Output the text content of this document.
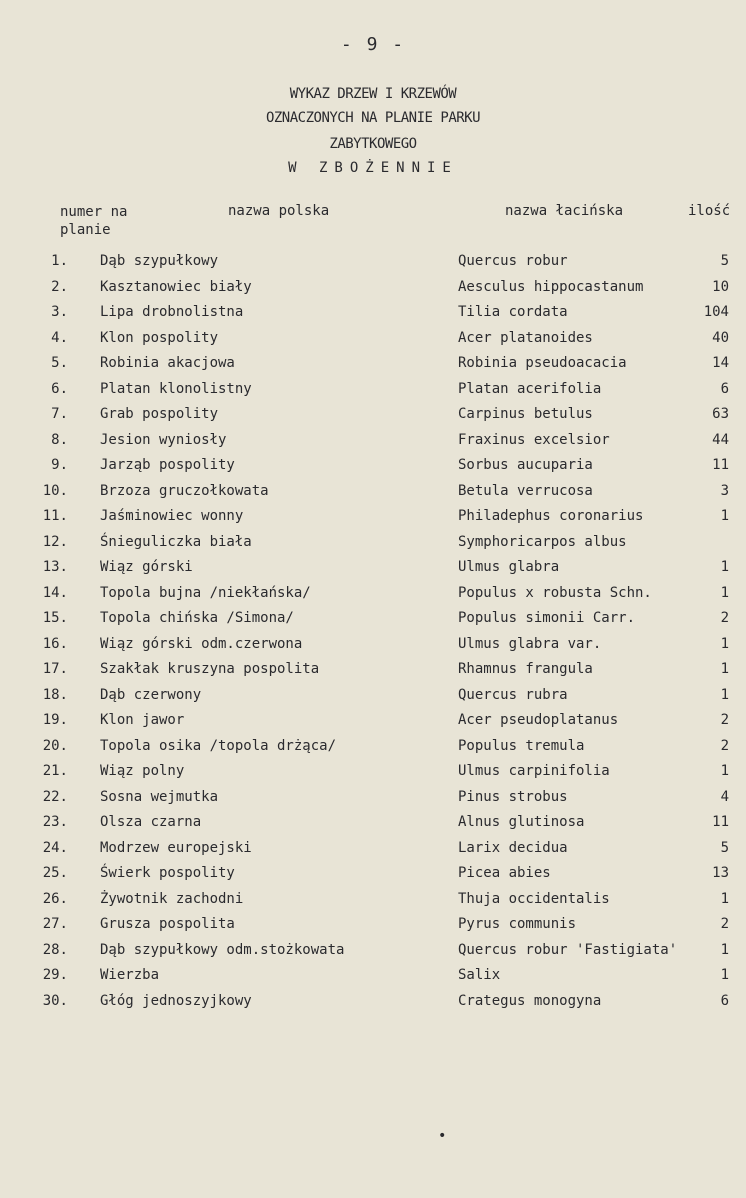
- 9 -
WYKAZ DRZEW I KRZEWÓW
OZNACZONYCH NA PLANIE PARKU
ZABYTKOWEGO
W ZBOŻENNIE
numer na planie
nazwa polska	nazwa łacińska	ilość
1. Dąb szypułkowy	Quercus robur	5
2. Kasztanowiec biały	Aesculus hippocastanum	10
3. Lipa drobnolistna	Tilia cordata	104
4. Klon pospolity	Acer platanoides	40
5. Robinia akacjowa	Robinia pseudoacacia	14
6. Platan klonolistny	Platan acerifolia	6
7. Grab pospolity	Carpinus betulus	63
8. Jesion wyniosły	Fraxinus excelsior	44
9. Jarząb pospolity	Sorbus aucuparia	11
10. Brzoza gruczołkowata	Betula verrucosa	3
11. Jaśminowiec wonny	Philadephus coronarius	1
12. Śnieguliczka biała	Symphoricarpos albus
13. Wiąz górski	Ulmus glabra	1
14. Topola bujna /niekłańska/	Populus x robusta Schn.	1
15. Topola chińska /Simona/	Populus simonii Carr.	2
16. Wiąz górski odm.czerwona	Ulmus glabra var.	1
17. Szakłak kruszyna pospolita	Rhamnus frangula	1
18. Dąb czerwony	Quercus rubra	1
19. Klon jawor	Acer pseudoplatanus	2
20. Topola osika /topola drżąca/	Populus tremula	2
21. Wiąz polny	Ulmus carpinifolia	1
22. Sosna wejmutka	Pinus strobus	4
23. Olsza czarna	Alnus glutinosa	11
24. Modrzew europejski	Larix decidua	5
25. Świerk pospolity	Picea abies	13
26. Żywotnik zachodni	Thuja occidentalis	1
27. Grusza pospolita	Pyrus communis	2
28. Dąb szypułkowy odm.stożkowata	Quercus robur 'Fastigiata'	1
29. Wierzba	Salix	1
30. Głóg jednoszyjkowy	Crategus monogyna	6
•
